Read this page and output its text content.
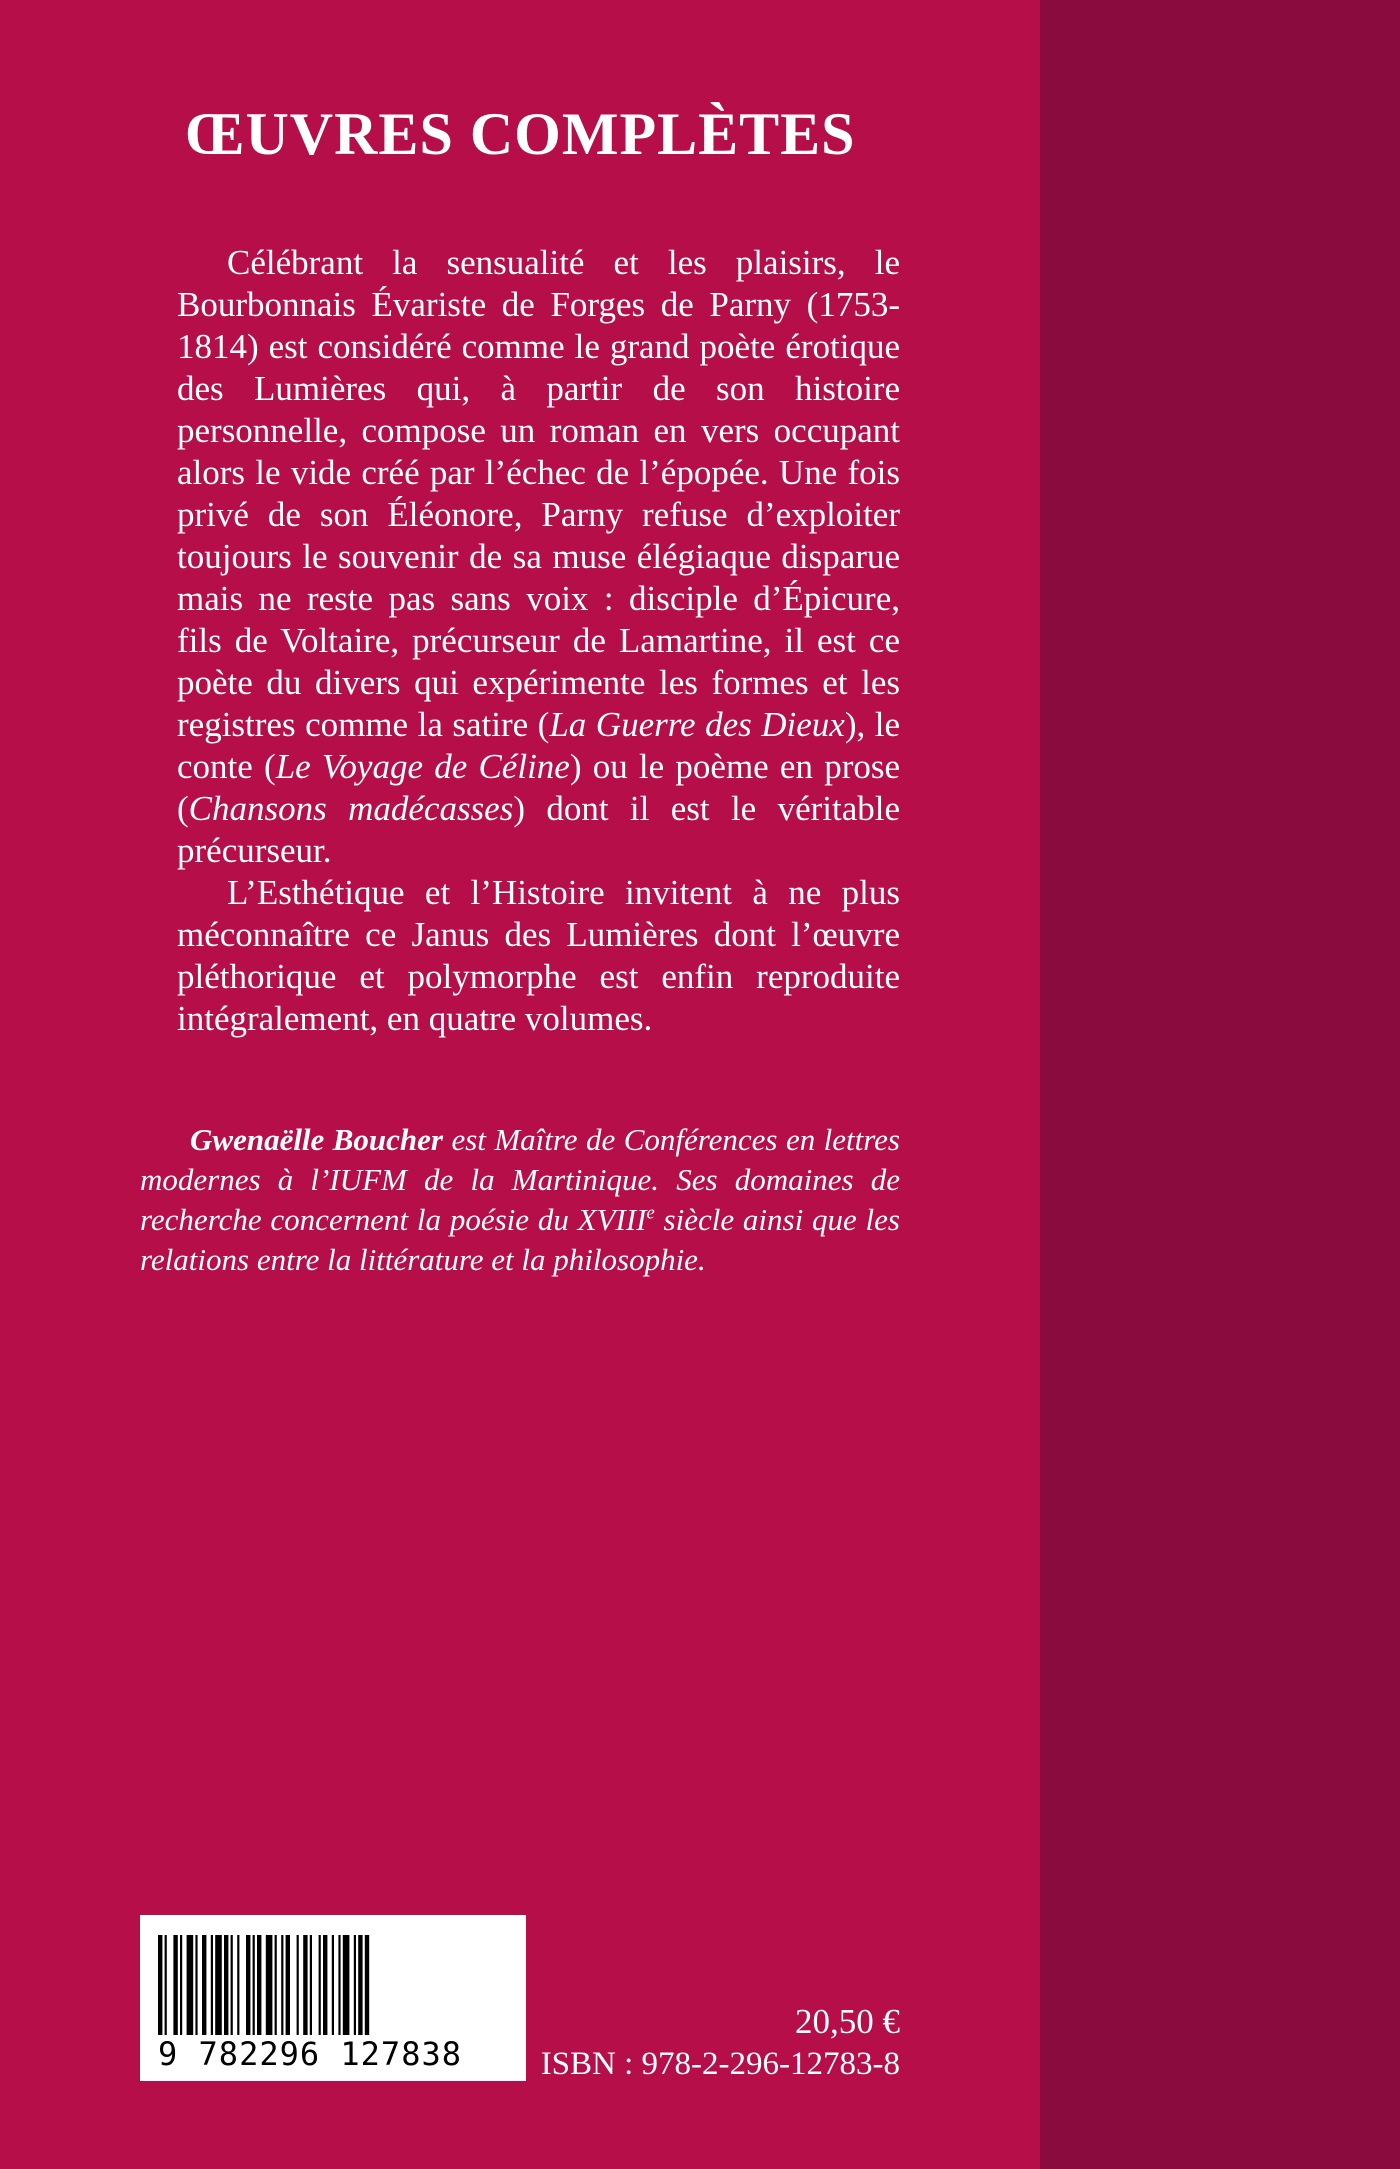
ŒUVRES COMPLÈTES

Célébrant la sensualité et les plaisirs, le Bourbonnais Évariste de Forges de Parny (1753-1814) est considéré comme le grand poète érotique des Lumières qui, à partir de son histoire personnelle, compose un roman en vers occupant alors le vide créé par l’échec de l’épopée. Une fois privé de son Éléonore, Parny refuse d’exploiter toujours le souvenir de sa muse élégiaque disparue mais ne reste pas sans voix : disciple d’Épicure, fils de Voltaire, précurseur de Lamartine, il est ce poète du divers qui expérimente les formes et les registres comme la satire (La Guerre des Dieux), le conte (Le Voyage de Céline) ou le poème en prose (Chansons madécasses) dont il est le véritable précurseur.

L’Esthétique et l’Histoire invitent à ne plus méconnaître ce Janus des Lumières dont l’œuvre pléthorique et polymorphe est enfin reproduite intégralement, en quatre volumes.

Gwenaëlle Boucher est Maître de Conférences en lettres modernes à l’IUFM de la Martinique. Ses domaines de recherche concernent la poésie du XVIIIe siècle ainsi que les relations entre la littérature et la philosophie.

9 782296 127838
20,50 €
ISBN : 978-2-296-12783-8
